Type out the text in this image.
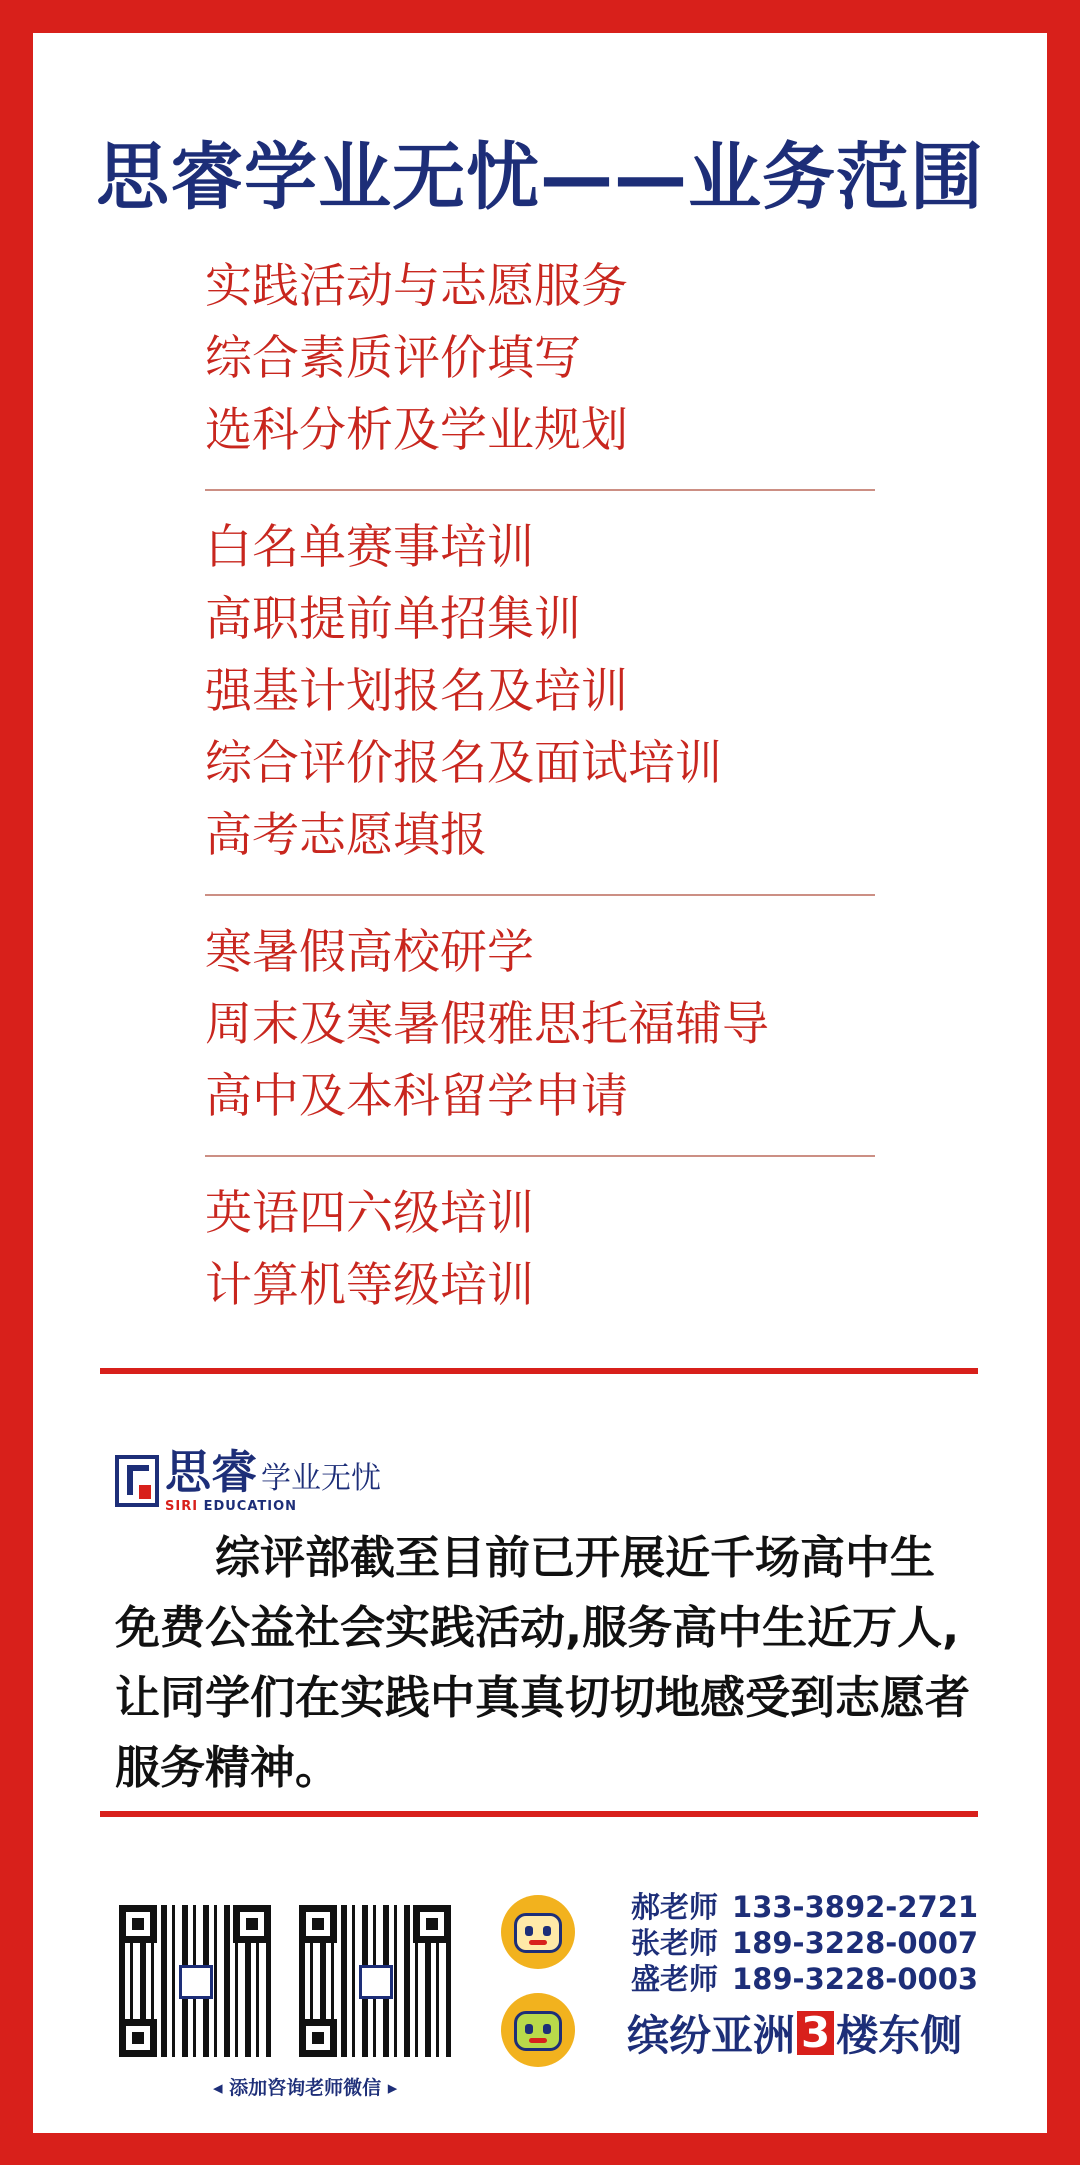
思睿学业无忧——业务范围
实践活动与志愿服务
综合素质评价填写
选科分析及学业规划
白名单赛事培训
高职提前单招集训
强基计划报名及培训
综合评价报名及面试培训
高考志愿填报
寒暑假高校研学
周末及寒暑假雅思托福辅导
高中及本科留学申请
英语四六级培训
计算机等级培训
思睿 学业无忧
SIRI EDUCATION
综评部截至目前已开展近千场高中生免费公益社会实践活动,服务高中生近万人,让同学们在实践中真真切切地感受到志愿者服务精神。
◂ 添加咨询老师微信 ▸
郝老师 133-3892-2721
张老师 189-3228-0007
盛老师 189-3228-0003
缤纷亚洲 3 楼东侧
